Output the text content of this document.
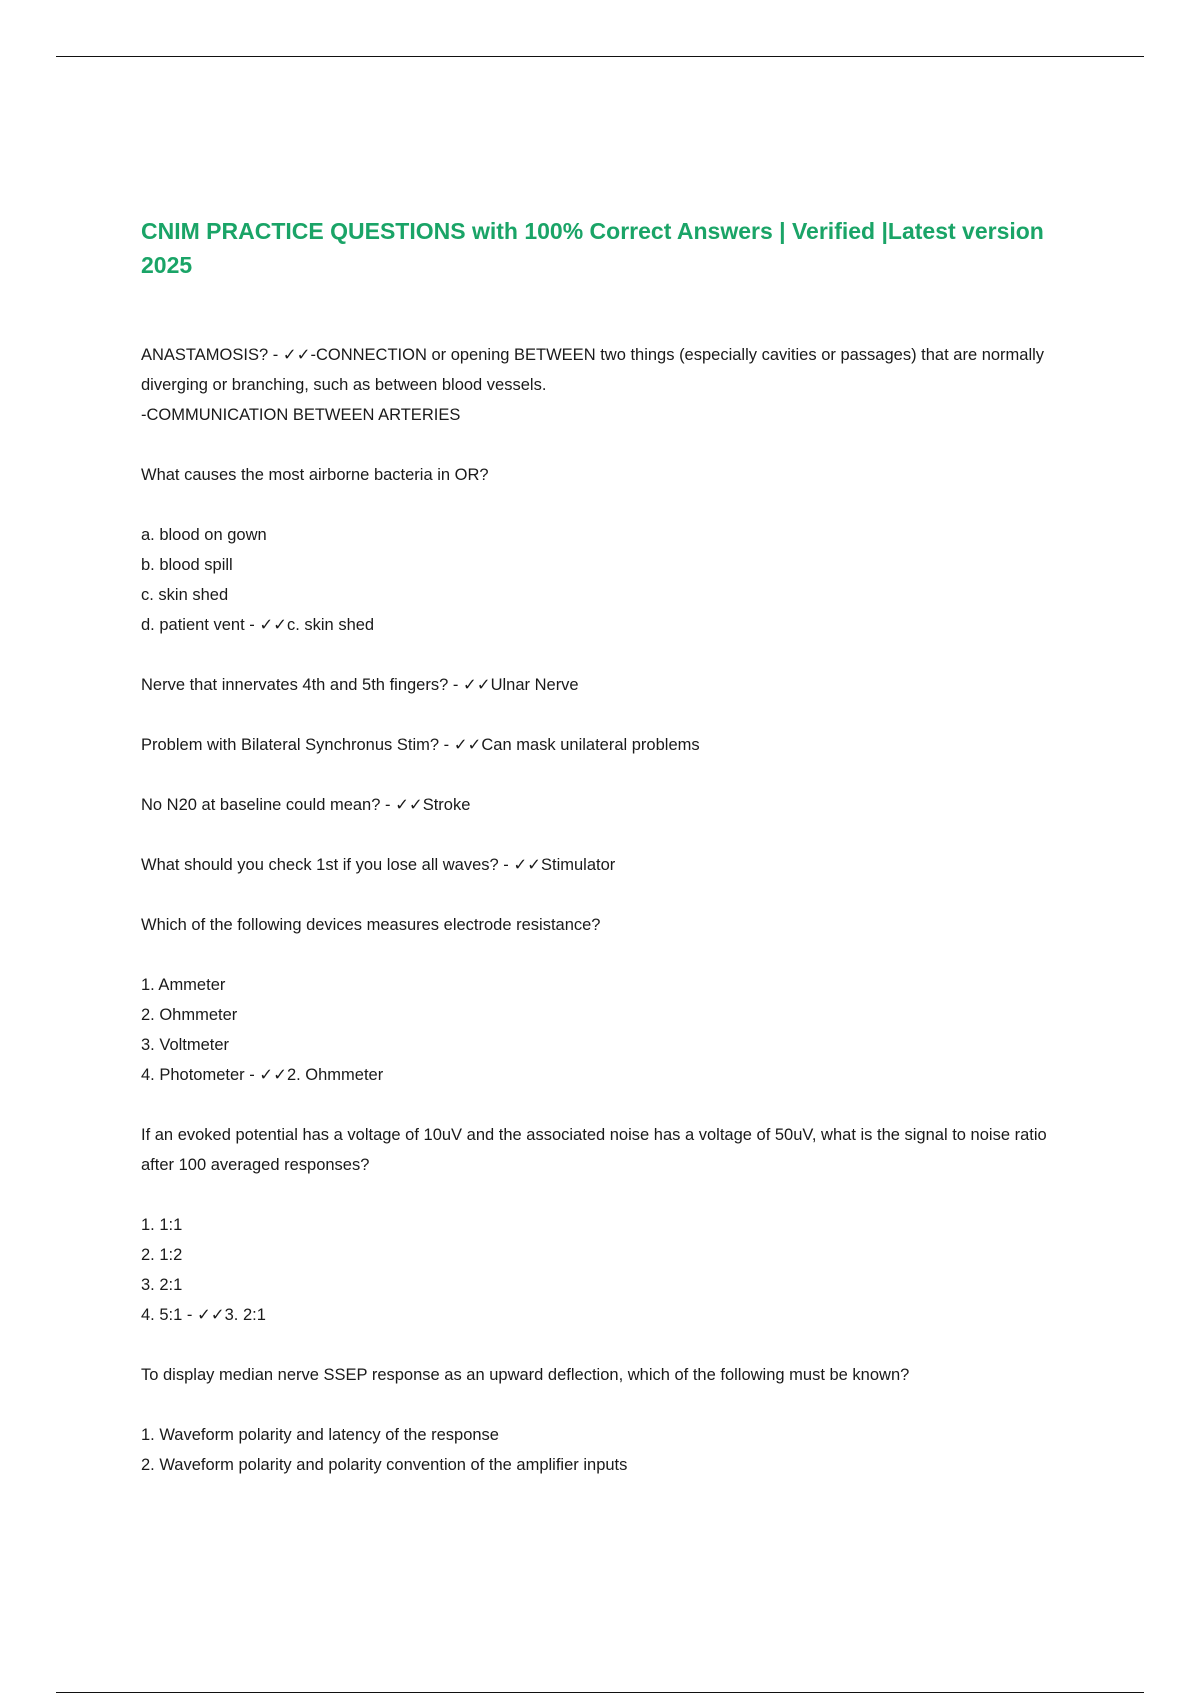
CNIM PRACTICE QUESTIONS with 100% Correct Answers | Verified |Latest version 2025
ANASTAMOSIS? - ✓✓-CONNECTION or opening BETWEEN two things (especially cavities or passages) that are normally diverging or branching, such as between blood vessels.
-COMMUNICATION BETWEEN ARTERIES
What causes the most airborne bacteria in OR?
a. blood on gown
b. blood spill
c. skin shed
d. patient vent - ✓✓c. skin shed
Nerve that innervates 4th and 5th fingers? - ✓✓Ulnar Nerve
Problem with Bilateral Synchronus Stim? - ✓✓Can mask unilateral problems
No N20 at baseline could mean? - ✓✓Stroke
What should you check 1st if you lose all waves? - ✓✓Stimulator
Which of the following devices measures electrode resistance?
1. Ammeter
2. Ohmmeter
3. Voltmeter
4. Photometer - ✓✓2. Ohmmeter
If an evoked potential has a voltage of 10uV and the associated noise has a voltage of 50uV, what is the signal to noise ratio after 100 averaged responses?
1. 1:1
2. 1:2
3. 2:1
4. 5:1 - ✓✓3. 2:1
To display median nerve SSEP response as an upward deflection, which of the following must be known?
1. Waveform polarity and latency of the response
2. Waveform polarity and polarity convention of the amplifier inputs
